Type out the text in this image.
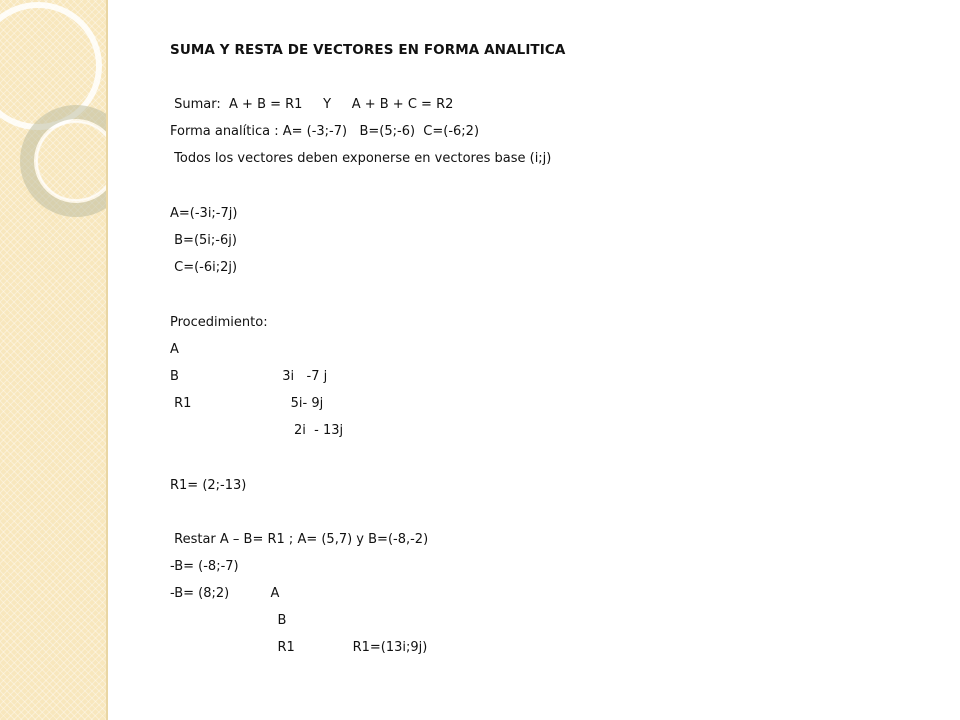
SUMA Y RESTA DE VECTORES EN FORMA ANALITICA
Sumar:  A + B = R1     Y     A + B + C = R2
Forma analítica : A= (-3;-7)   B=(5;-6)  C=(-6;2)
Todos los vectores deben exponerse en vectores base (i;j)
A=(-3i;-7j)
B=(5i;-6j)
C=(-6i;2j)
Procedimiento:
A
B                         3i   -7 j
R1                        5i- 9j
2i  - 13j
R1= (2;-13)
Restar A – B= R1 ; A= (5,7) y B=(-8,-2)
-B= (-8;-7)
-B= (8;2)          A
B
R1              R1=(13i;9j)
